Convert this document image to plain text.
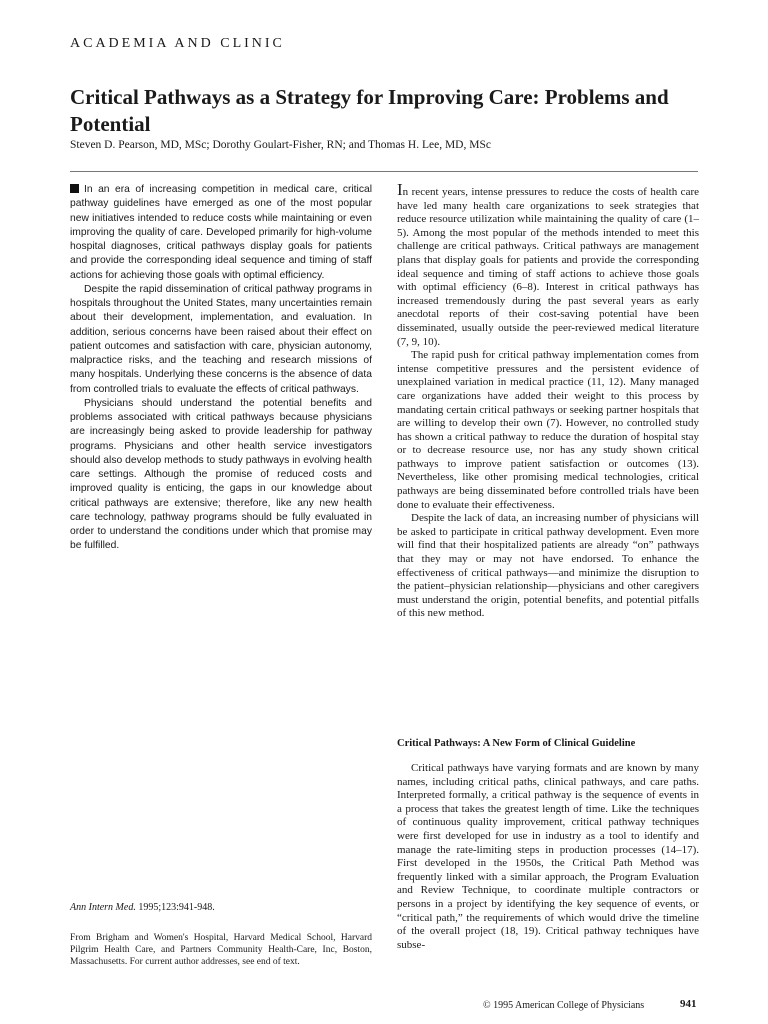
ACADEMIA AND CLINIC
Critical Pathways as a Strategy for Improving Care: Problems and Potential
Steven D. Pearson, MD, MSc; Dorothy Goulart-Fisher, RN; and Thomas H. Lee, MD, MSc

In an era of increasing competition in medical care, critical pathway guidelines have emerged as one of the most popular new initiatives intended to reduce costs while maintaining or even improving the quality of care. Developed primarily for high-volume hospital diagnoses, critical pathways display goals for patients and provide the corresponding ideal sequence and timing of staff actions for achieving those goals with optimal efficiency.

Despite the rapid dissemination of critical pathway programs in hospitals throughout the United States, many uncertainties remain about their development, implementation, and evaluation. In addition, serious concerns have been raised about their effect on patient outcomes and satisfaction with care, physician autonomy, malpractice risks, and the teaching and research missions of many hospitals. Underlying these concerns is the absence of data from controlled trials to evaluate the effects of critical pathways.

Physicians should understand the potential benefits and problems associated with critical pathways because physicians are increasingly being asked to provide leadership for pathway programs. Physicians and other health service investigators should also develop methods to study pathways in evolving health care settings. Although the promise of reduced costs and improved quality is enticing, the gaps in our knowledge about critical pathways are extensive; therefore, like any new health care technology, pathway programs should be fully evaluated in order to understand the conditions under which that promise may be fulfilled.

Ann Intern Med. 1995;123:941-948.

From Brigham and Women's Hospital, Harvard Medical School, Harvard Pilgrim Health Care, and Partners Community Health-Care, Inc, Boston, Massachusetts. For current author addresses, see end of text.

In recent years, intense pressures to reduce the costs of health care have led many health care organizations to seek strategies that reduce resource utilization while maintaining the quality of care (1–5). Among the most popular of the methods intended to meet this challenge are critical pathways. Critical pathways are management plans that display goals for patients and provide the corresponding ideal sequence and timing of staff actions to achieve those goals with optimal efficiency (6–8). Interest in critical pathways has increased tremendously during the past several years as early anecdotal reports of their cost-saving potential have been disseminated, usually outside the peer-reviewed medical literature (7, 9, 10).

The rapid push for critical pathway implementation comes from intense competitive pressures and the persistent evidence of unexplained variation in medical practice (11, 12). Many managed care organizations have added their weight to this process by mandating certain critical pathways or seeking partner hospitals that are willing to develop their own (7). However, no controlled study has shown a critical pathway to reduce the duration of hospital stay or to decrease resource use, nor has any study shown critical pathways to improve patient satisfaction or outcomes (13). Nevertheless, like other promising medical technologies, critical pathways are being disseminated before controlled trials have been done to evaluate their effectiveness.

Despite the lack of data, an increasing number of physicians will be asked to participate in critical pathway development. Even more will find that their hospitalized patients are already “on” pathways that they may or may not have endorsed. To enhance the effectiveness of critical pathways—and minimize the disruption to the patient–physician relationship—physicians and other caregivers must understand the origin, potential benefits, and potential pitfalls of this new method.

Critical Pathways: A New Form of Clinical Guideline

Critical pathways have varying formats and are known by many names, including critical paths, clinical pathways, and care paths. Interpreted formally, a critical pathway is the sequence of events in a process that takes the greatest length of time. Like the techniques of continuous quality improvement, critical pathway techniques were first developed for use in industry as a tool to identify and manage the rate-limiting steps in production processes (14–17). First developed in the 1950s, the Critical Path Method was frequently linked with a similar approach, the Program Evaluation and Review Technique, to coordinate multiple contractors or persons in a project by identifying the key sequence of events, or “critical path,” the requirements of which would drive the timeline of the overall project (18, 19). Critical pathway techniques have subse-

© 1995 American College of Physicians	941
